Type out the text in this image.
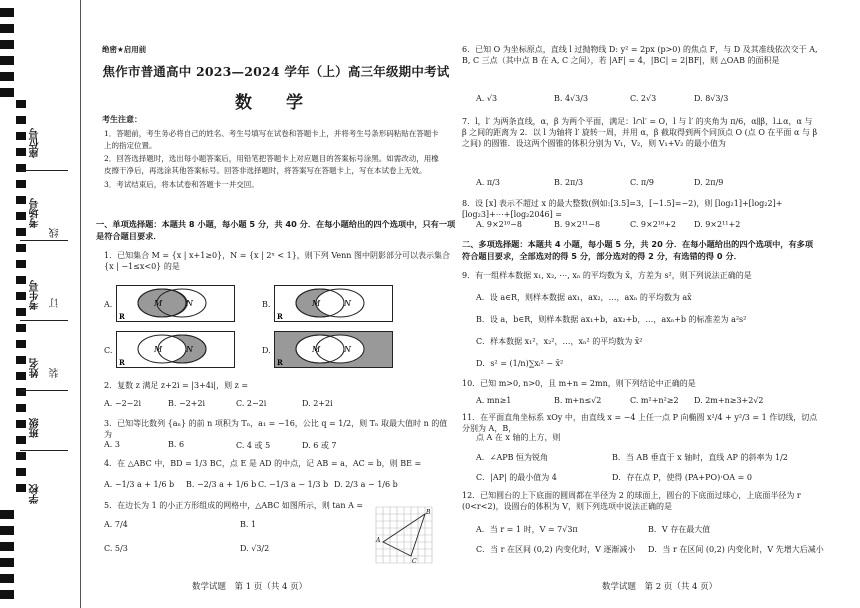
座位号
考场号
考生号
姓名
班级
学校
线
订
装
绝密★启用前
焦作市普通高中 2023—2024 学年（上）高三年级期中考试
数 学
考生注意：

1．答题前，考生务必将自己的姓名、考生号填写在试卷和答题卡上，并将考生号条形码粘贴在答题卡上的指定位置。

2．回答选择题时，选出每小题答案后，用铅笔把答题卡上对应题目的答案标号涂黑。如需改动，用橡皮擦干净后，再选涂其他答案标号。回答非选择题时，将答案写在答题卡上，写在本试卷上无效。

3．考试结束后，将本试卷和答题卡一并交回。

一、单项选择题：本题共 8 小题，每小题 5 分，共 40 分．在每小题给出的四个选项中，只有一项是符合题目要求．
1．已知集合 M = {x | x+1≥0}，N = {x | 2ˣ < 1}，则下列 Venn 图中阴影部分可以表示集合 {x | −1≤x<0} 的是
A.	M	N
R
B.	M	N
R
C.	M	N
R
D.	M	N
R
2．复数 z 满足 z+2i = |3+4i|，则 z =
A. −2−2i	B. −2+2i	C. 2−2i	D. 2+2i
3．已知等比数列 {aₙ} 的前 n 项积为 Tₙ，a₁ = −16，公比 q = 1/2，则 Tₙ 取最大值时 n 的值为
A. 3	B. 6	C. 4 或 5	D. 6 或 7
4．在 △ABC 中，BD = 1/3 BC，点 E 是 AD 的中点，记 AB = a，AC = b，则 BE =
A. −1/3 a + 1/6 b B. −2/3 a + 1/6 b C. −1/3 a − 1/3 b D. 2/3 a − 1/6 b
5．在边长为 1 的小正方形组成的网格中，△ABC 如图所示，则 tan A =
A. 7/4	B. 1
C. 5/3	D. √3/2
A
B
C
数学试题　第 1 页（共 4 页）
6．已知 O 为坐标原点，直线 l 过抛物线 D: y² = 2px (p>0) 的焦点 F，与 D 及其准线依次交于 A, B, C 三点（其中点 B 在 A, C 之间），若 |AF| = 4，|BC| = 2|BF|，则 △OAB 的面积是
A. √3	B. 4√3/3	C. 2√3	D. 8√3/3
7．l，l′ 为两条直线，α，β 为两个平面，满足：l∩l′ = O，l 与 l′ 的夹角为 π/6，α∥β，l⊥α，α 与 β 之间的距离为 2．以 l 为轴将 l′ 旋转一周，并用 α，β 截取得到两个同顶点 O (点 O 在平面 α 与 β 之间) 的圆锥．设这两个圆锥的体积分别为 V₁，V₂，则 V₁+V₂ 的最小值为
A. π/3	B. 2π/3	C. π/9	D. 2π/9
8．设 [x] 表示不超过 x 的最大整数(例如:[3.5]=3，[−1.5]=−2)，则 [log₂1]+[log₂2]+[log₂3]+⋯+[log₂2046] =
A. 9×2¹⁰−8	B. 9×2¹¹−8	C. 9×2¹⁰+2 D. 9×2¹¹+2
二、多项选择题：本题共 4 小题，每小题 5 分，共 20 分．在每小题给出的四个选项中，有多项符合题目要求，全部选对的得 5 分，部分选对的得 2 分，有选错的得 0 分．
9．有一组样本数据 x₁, x₂, ⋯, xₙ 的平均数为 x̄，方差为 s²，则下列说法正确的是
A．设 a∈R，则样本数据 ax₁，ax₂，…，axₙ 的平均数为 ax̄
B．设 a，b∈R，则样本数据 ax₁+b，ax₂+b，…，axₙ+b 的标准差为 a²s²
C．样本数据 x₁²，x₂²，…，xₙ² 的平均数为 x̄²
D．s² = (1/n)∑xᵢ² − x̄²
10．已知 m>0, n>0，且 m+n = 2mn，则下列结论中正确的是
A. mn≥1	B. m+n≤√2	C. m²+n²≥2 D. 2m+n≥3+2√2
11．在平面直角坐标系 xOy 中，由直线 x = −4 上任一点 P 向椭圆 x²/4 + y²/3 = 1 作切线，切点分别为 A，B，
点 A 在 x 轴的上方，则
A．∠APB 恒为锐角	B．当 AB 垂直于 x 轴时，直线 AP 的斜率为 1/2
C．|AP| 的最小值为 4	D．存在点 P，使得 (PA+PO)·OA = 0
12．已知圆台的上下底面的圆周都在半径为 2 的球面上，圆台的下底面过球心，上底面半径为 r (0<r<2)，设圆台的体积为 V，则下列选项中说法正确的是
A．当 r = 1 时，V = 7√3π	B．V 存在最大值
C．当 r 在区间 (0,2) 内变化时，V 逐渐减小 D．当 r 在区间 (0,2) 内变化时，V 先增大后减小
数学试题　第 2 页（共 4 页）
